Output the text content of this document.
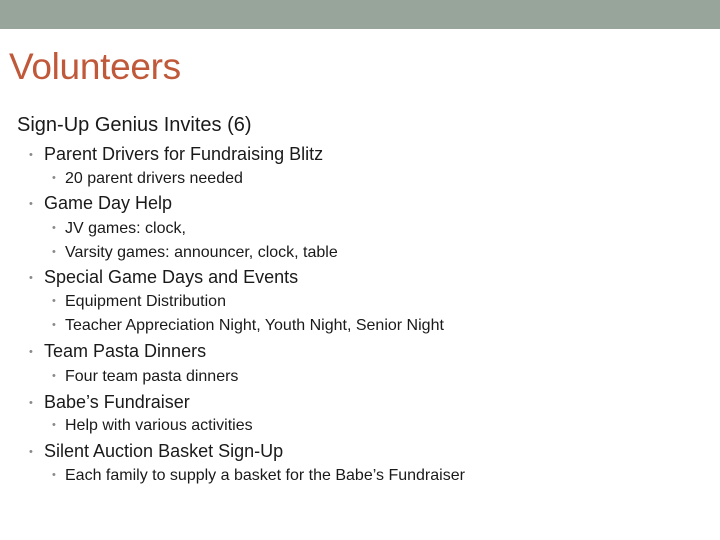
Volunteers
Sign-Up Genius Invites (6)
• Parent Drivers for Fundraising Blitz
• 20 parent drivers needed
• Game Day Help
• JV games: clock,
• Varsity games: announcer, clock, table
• Special Game Days and Events
• Equipment Distribution
• Teacher Appreciation Night, Youth Night, Senior Night
• Team Pasta Dinners
• Four team pasta dinners
• Babe’s Fundraiser
• Help with various activities
• Silent Auction Basket Sign-Up
• Each family to supply a basket for the Babe’s Fundraiser
